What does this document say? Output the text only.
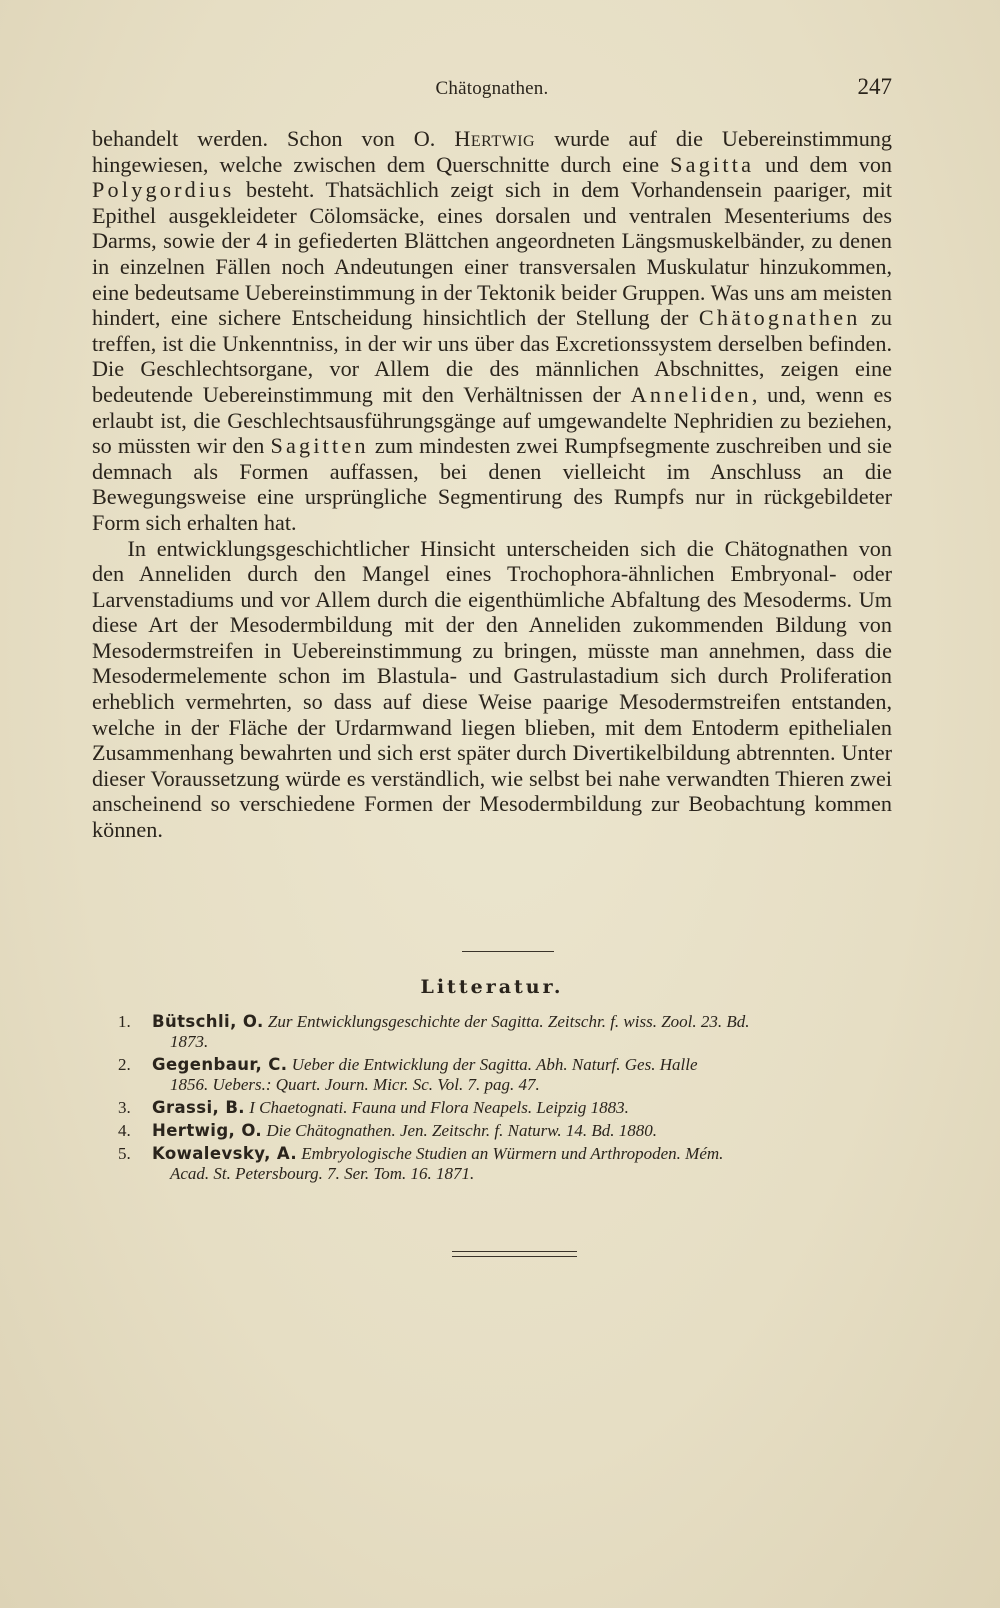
Chätognathen.	247

behandelt werden. Schon von O. Hertwig wurde auf die Uebereinstimmung hingewiesen, welche zwischen dem Querschnitte durch eine Sagitta und dem von Polygordius besteht. Thatsächlich zeigt sich in dem Vorhandensein paariger, mit Epithel ausgekleideter Cölomsäcke, eines dorsalen und ventralen Mesenteriums des Darms, sowie der 4 in gefiederten Blättchen angeordneten Längsmuskelbänder, zu denen in einzelnen Fällen noch Andeutungen einer transversalen Muskulatur hinzukommen, eine bedeutsame Uebereinstimmung in der Tektonik beider Gruppen. Was uns am meisten hindert, eine sichere Entscheidung hinsichtlich der Stellung der Chätognathen zu treffen, ist die Unkenntniss, in der wir uns über das Excretionssystem derselben befinden. Die Geschlechtsorgane, vor Allem die des männlichen Abschnittes, zeigen eine bedeutende Uebereinstimmung mit den Verhältnissen der Anneliden, und, wenn es erlaubt ist, die Geschlechtsausführungsgänge auf umgewandelte Nephridien zu beziehen, so müssten wir den Sagitten zum mindesten zwei Rumpfsegmente zuschreiben und sie demnach als Formen auffassen, bei denen vielleicht im Anschluss an die Bewegungsweise eine ursprüngliche Segmentirung des Rumpfs nur in rückgebildeter Form sich erhalten hat.

In entwicklungsgeschichtlicher Hinsicht unterscheiden sich die Chätognathen von den Anneliden durch den Mangel eines Trochophora-ähnlichen Embryonal- oder Larvenstadiums und vor Allem durch die eigenthümliche Abfaltung des Mesoderms. Um diese Art der Mesodermbildung mit der den Anneliden zukommenden Bildung von Mesodermstreifen in Uebereinstimmung zu bringen, müsste man annehmen, dass die Mesodermelemente schon im Blastula- und Gastrulastadium sich durch Proliferation erheblich vermehrten, so dass auf diese Weise paarige Mesodermstreifen entstanden, welche in der Fläche der Urdarmwand liegen blieben, mit dem Entoderm epithelialen Zusammenhang bewahrten und sich erst später durch Divertikelbildung abtrennten. Unter dieser Voraussetzung würde es verständlich, wie selbst bei nahe verwandten Thieren zwei anscheinend so verschiedene Formen der Mesodermbildung zur Beobachtung kommen können.

Litteratur.
1. Bütschli, O. Zur Entwicklungsgeschichte der Sagitta. Zeitschr. f. wiss. Zool. 23. Bd.
1873.
2. Gegenbaur, C. Ueber die Entwicklung der Sagitta. Abh. Naturf. Ges. Halle
1856. Uebers.: Quart. Journ. Micr. Sc. Vol. 7. pag. 47.
3. Grassi, B. I Chaetognati. Fauna und Flora Neapels. Leipzig 1883.
4. Hertwig, O. Die Chätognathen. Jen. Zeitschr. f. Naturw. 14. Bd. 1880.
5. Kowalevsky, A. Embryologische Studien an Würmern und Arthropoden. Mém.
Acad. St. Petersbourg. 7. Ser. Tom. 16. 1871.
